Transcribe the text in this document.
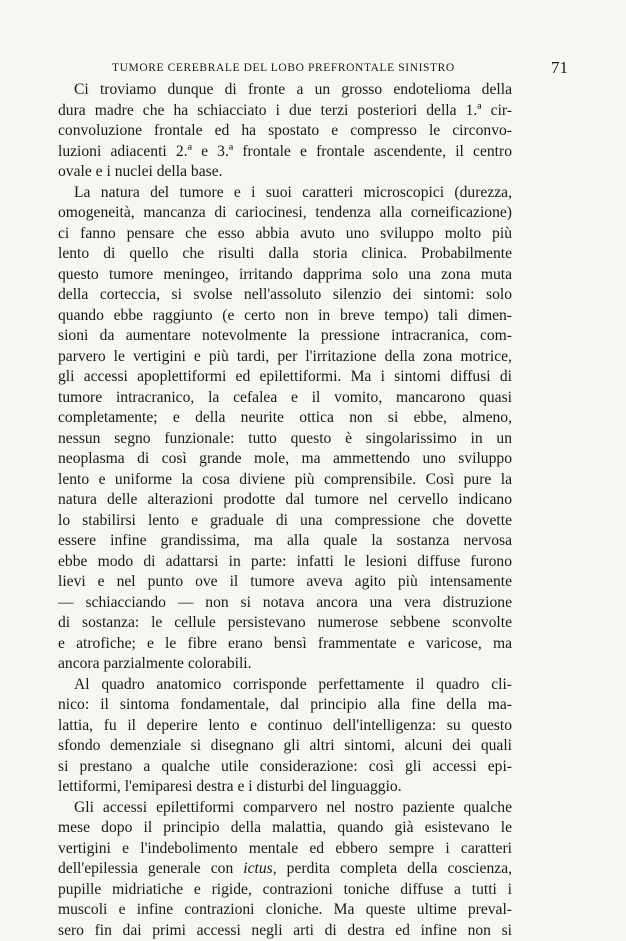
TUMORE CEREBRALE DEL LOBO PREFRONTALE SINISTRO	71
Ci troviamo dunque di fronte a un grosso endotelioma della
dura madre che ha schiacciato i due terzi posteriori della 1.ª cir-
convoluzione frontale ed ha spostato e compresso le circonvo-
luzioni adiacenti 2.ª e 3.ª frontale e frontale ascendente, il centro
ovale e i nuclei della base.
La natura del tumore e i suoi caratteri microscopici (durezza,
omogeneità, mancanza di cariocinesi, tendenza alla corneificazione)
ci fanno pensare che esso abbia avuto uno sviluppo molto più
lento di quello che risulti dalla storia clinica. Probabilmente
questo tumore meningeo, irritando dapprima solo una zona muta
della corteccia, si svolse nell'assoluto silenzio dei sintomi: solo
quando ebbe raggiunto (e certo non in breve tempo) tali dimen-
sioni da aumentare notevolmente la pressione intracranica, com-
parvero le vertigini e più tardi, per l'irritazione della zona motrice,
gli accessi apoplettiformi ed epilettiformi. Ma i sintomi diffusi di
tumore intracranico, la cefalea e il vomito, mancarono quasi
completamente; e della neurite ottica non si ebbe, almeno,
nessun segno funzionale: tutto questo è singolarissimo in un
neoplasma di così grande mole, ma ammettendo uno sviluppo
lento e uniforme la cosa diviene più comprensibile. Così pure la
natura delle alterazioni prodotte dal tumore nel cervello indicano
lo stabilirsi lento e graduale di una compressione che dovette
essere infine grandissima, ma alla quale la sostanza nervosa
ebbe modo di adattarsi in parte: infatti le lesioni diffuse furono
lievi e nel punto ove il tumore aveva agito più intensamente
— schiacciando — non si notava ancora una vera distruzione
di sostanza: le cellule persistevano numerose sebbene sconvolte
e atrofiche; e le fibre erano bensì frammentate e varicose, ma
ancora parzialmente colorabili.
Al quadro anatomico corrisponde perfettamente il quadro cli-
nico: il sintoma fondamentale, dal principio alla fine della ma-
lattia, fu il deperire lento e continuo dell'intelligenza: su questo
sfondo demenziale si disegnano gli altri sintomi, alcuni dei quali
si prestano a qualche utile considerazione: così gli accessi epi-
lettiformi, l'emiparesi destra e i disturbi del linguaggio.
Gli accessi epilettiformi comparvero nel nostro paziente qualche
mese dopo il principio della malattia, quando già esistevano le
vertigini e l'indebolimento mentale ed ebbero sempre i caratteri
dell'epilessia generale con ictus, perdita completa della coscienza,
pupille midriatiche e rigide, contrazioni toniche diffuse a tutti i
muscoli e infine contrazioni cloniche. Ma queste ultime preval-
sero fin dai primi accessi negli arti di destra ed infine non si
